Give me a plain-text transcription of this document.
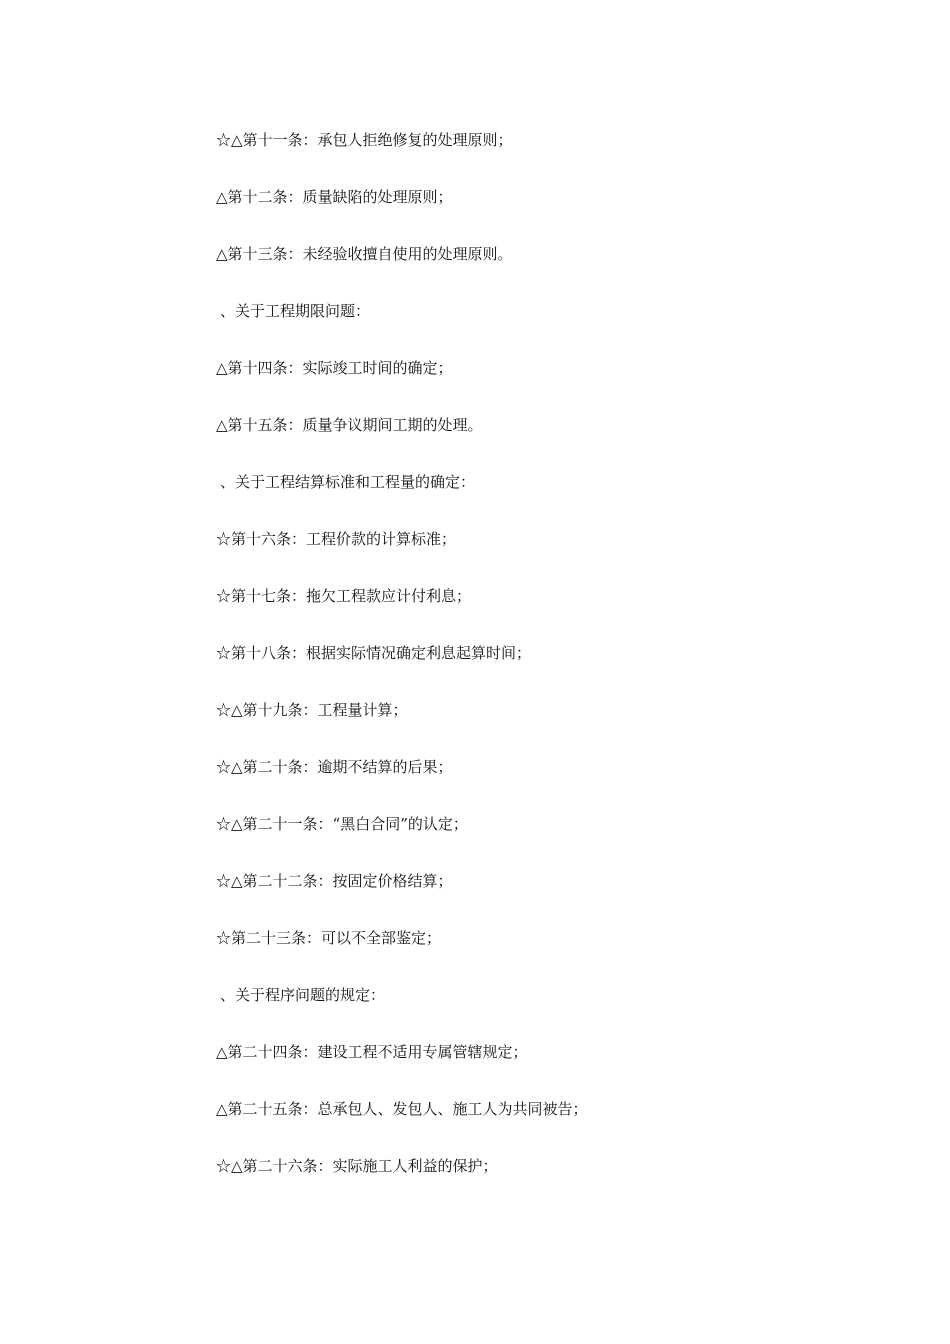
☆△第十一条：承包人拒绝修复的处理原则；
△第十二条：质量缺陷的处理原则；
△第十三条：未经验收擅自使用的处理原则。
、关于工程期限问题：
△第十四条：实际竣工时间的确定；
△第十五条：质量争议期间工期的处理。
、关于工程结算标准和工程量的确定：
☆第十六条：工程价款的计算标准；
☆第十七条：拖欠工程款应计付利息；
☆第十八条：根据实际情况确定利息起算时间；
☆△第十九条：工程量计算；
☆△第二十条：逾期不结算的后果；
☆△第二十一条：“黑白合同”的认定；
☆△第二十二条：按固定价格结算；
☆第二十三条：可以不全部鉴定；
、关于程序问题的规定：
△第二十四条：建设工程不适用专属管辖规定；
△第二十五条：总承包人、发包人、施工人为共同被告；
☆△第二十六条：实际施工人利益的保护；
